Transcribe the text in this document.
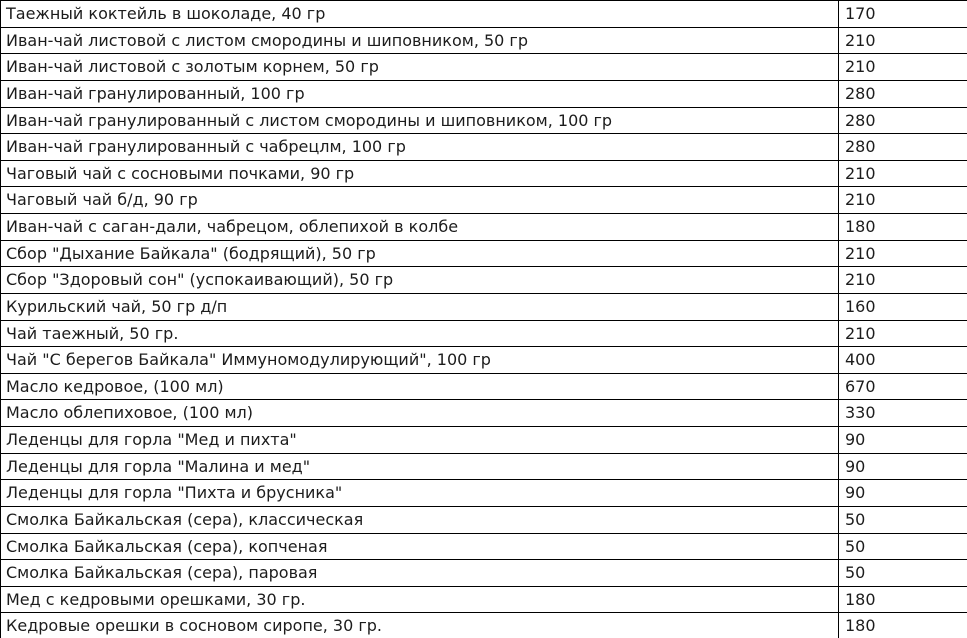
Таежный коктейль в шоколаде, 40 гр	170
Иван-чай листовой с листом смородины и шиповником, 50 гр	210
Иван-чай листовой с золотым корнем, 50 гр	210
Иван-чай гранулированный, 100 гр	280
Иван-чай гранулированный с листом смородины и шиповником, 100 гр	280
Иван-чай гранулированный с чабрецлм, 100 гр	280
Чаговый чай с сосновыми почками, 90 гр	210
Чаговый чай б/д, 90 гр	210
Иван-чай с саган-дали, чабрецом, облепихой в колбе	180
Сбор "Дыхание Байкала" (бодрящий), 50 гр	210
Сбор "Здоровый сон" (успокаивающий), 50 гр	210
Курильский чай, 50 гр д/п	160
Чай таежный, 50 гр.	210
Чай "С берегов Байкала" Иммуномодулирующий", 100 гр	400
Масло кедровое, (100 мл)	670
Масло облепиховое, (100 мл)	330
Леденцы для горла "Мед и пихта"	90
Леденцы для горла "Малина и мед"	90
Леденцы для горла "Пихта и брусника"	90
Смолка Байкальская (сера), классическая	50
Смолка Байкальская (сера), копченая	50
Смолка Байкальская (сера), паровая	50
Мед с кедровыми орешками, 30 гр.	180
Кедровые орешки в сосновом сиропе, 30 гр.	180
